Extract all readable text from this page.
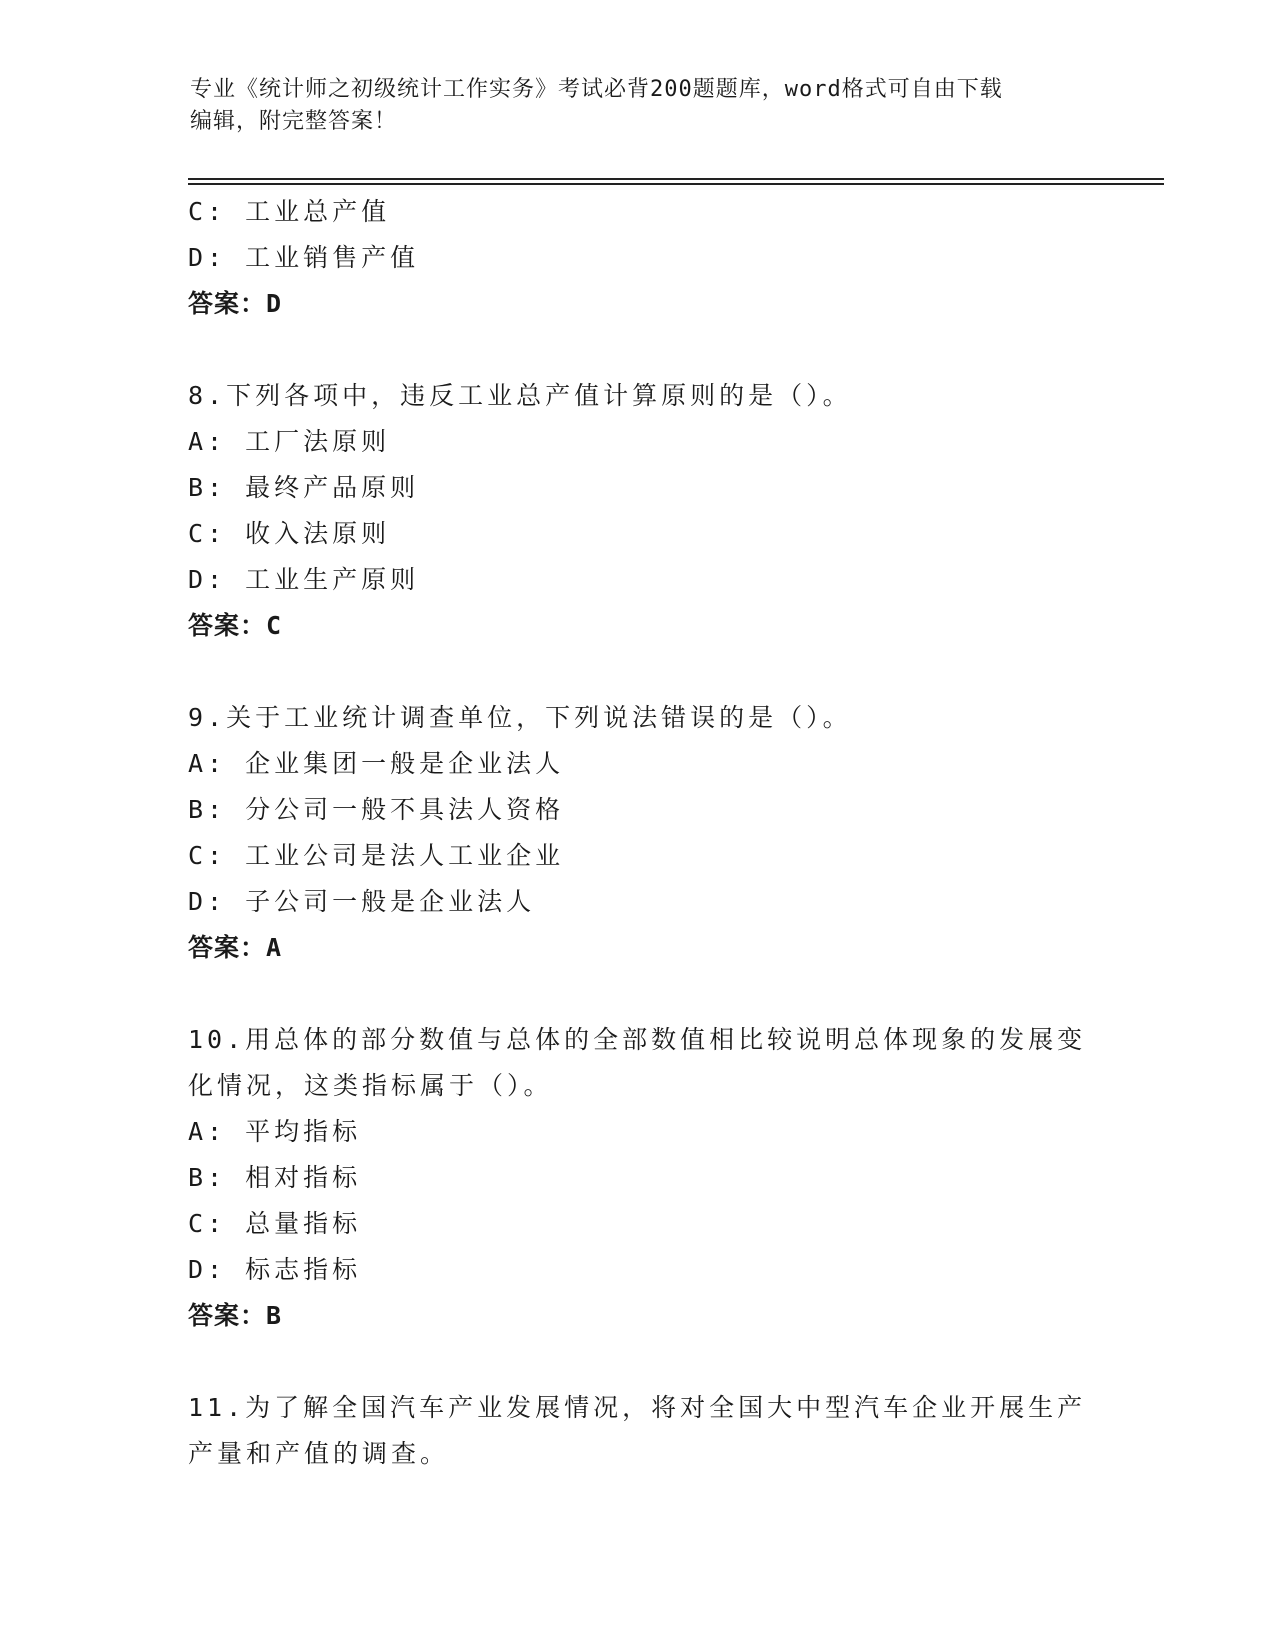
专业《统计师之初级统计工作实务》考试必背200题题库，word格式可自由下载
编辑，附完整答案！
C: 工业总产值
D: 工业销售产值
答案：D
8.下列各项中，违反工业总产值计算原则的是（）。
A: 工厂法原则
B: 最终产品原则
C: 收入法原则
D: 工业生产原则
答案：C
9.关于工业统计调查单位，下列说法错误的是（）。
A: 企业集团一般是企业法人
B: 分公司一般不具法人资格
C: 工业公司是法人工业企业
D: 子公司一般是企业法人
答案：A
10.用总体的部分数值与总体的全部数值相比较说明总体现象的发展变
化情况，这类指标属于（）。
A: 平均指标
B: 相对指标
C: 总量指标
D: 标志指标
答案：B
11.为了解全国汽车产业发展情况，将对全国大中型汽车企业开展生产
产量和产值的调查。
